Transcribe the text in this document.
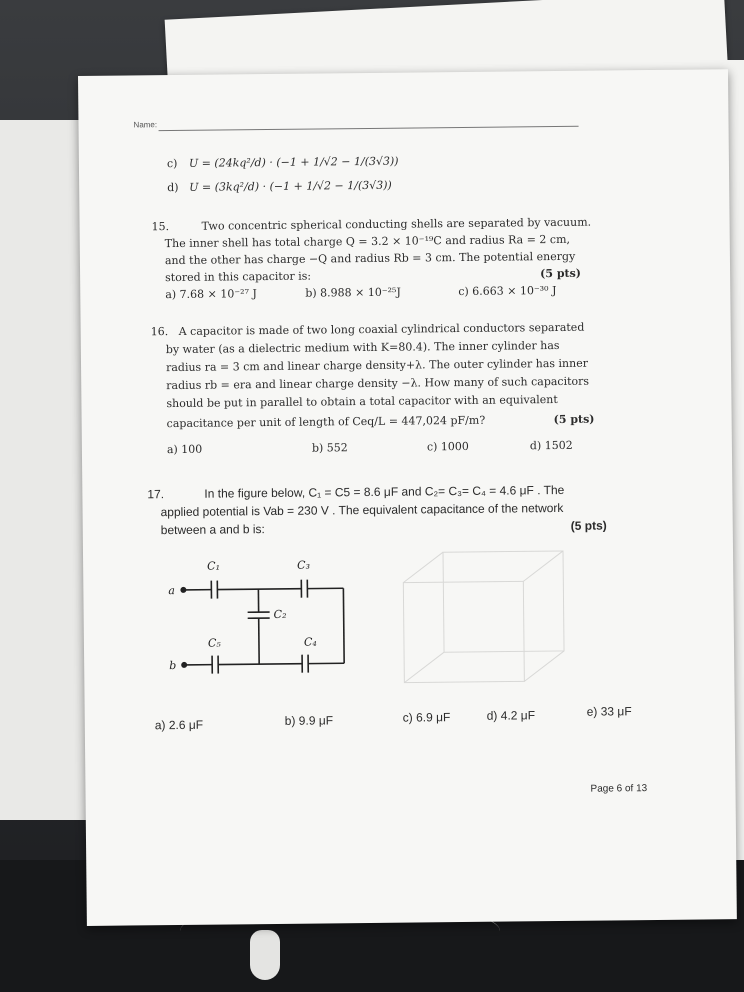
Name:
c) U = (24kq²/d) · (−1 + 1/√2 − 1/(3√3))
d) U = (3kq²/d) · (−1 + 1/√2 − 1/(3√3))
15.	Two concentric spherical conducting shells are separated by vacuum.
The inner shell has total charge Q = 3.2 × 10⁻¹⁹C and radius Ra = 2 cm,
and the other has charge −Q and radius Rb = 3 cm. The potential energy
stored in this capacitor is:	(5 pts)
a) 7.68 × 10⁻²⁷ J	b) 8.988 × 10⁻²⁵J	c) 6.663 × 10⁻³⁰ J
16. A capacitor is made of two long coaxial cylindrical conductors separated
by water (as a dielectric medium with K=80.4). The inner cylinder has
radius ra = 3 cm and linear charge density+λ. The outer cylinder has inner
radius rb = era and linear charge density −λ. How many of such capacitors
should be put in parallel to obtain a total capacitor with an equivalent
capacitance per unit of length of Ceq/L = 447,024 pF/m?	(5 pts)
a) 100	b) 552	c) 1000	d) 1502
17.	In the figure below, C₁ = C5 = 8.6 μF and C₂= C₃= C₄ = 4.6 μF . The
applied potential is Vab = 230 V . The equivalent capacitance of the network
between a and b is:	(5 pts)
a
C₁	C₃
C₂
b
C₅	C₄
a) 2.6 μF	b) 9.9 μF	c) 6.9 μF	d) 4.2 μF	e) 33 μF
Page 6 of 13
